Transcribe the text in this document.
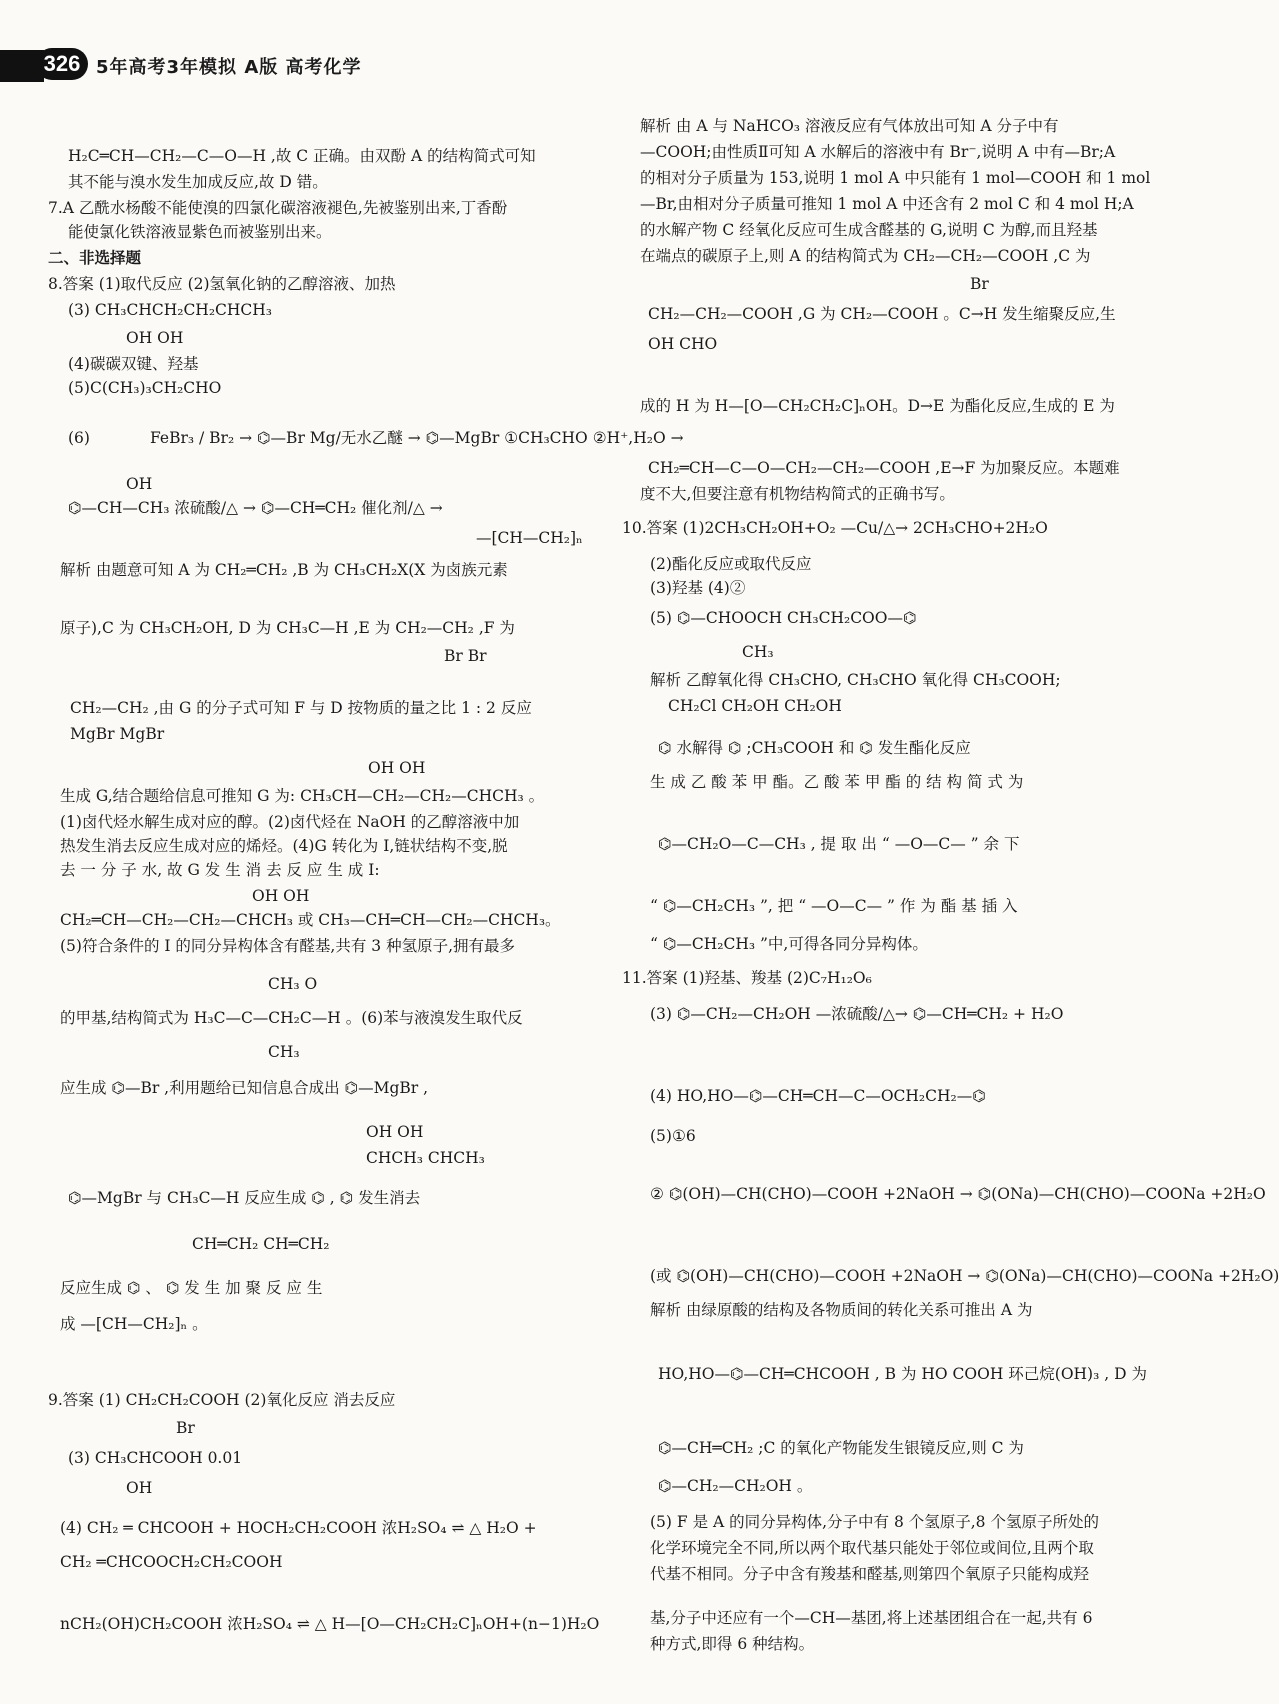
326 5年高考3年模拟 A版 高考化学
H₂C═CH—CH₂—C—O—H ,故 C 正确。由双酚 A 的结构简式可知
其不能与溴水发生加成反应,故 D 错。
7.A 乙酰水杨酸不能使溴的四氯化碳溶液褪色,先被鉴别出来,丁香酚
能使氯化铁溶液显紫色而被鉴别出来。
二、非选择题
8.答案 (1)取代反应 (2)氢氧化钠的乙醇溶液、加热
(3) CH₃CHCH₂CH₂CHCH₃
OH OH
(4)碳碳双键、羟基
(5)C(CH₃)₃CH₂CHO
(6)	FeBr₃ / Br₂ → ⌬—Br Mg/无水乙醚 → ⌬—MgBr ①CH₃CHO ②H⁺,H₂O →
OH
⌬—CH—CH₃ 浓硫酸/△ → ⌬—CH═CH₂ 催化剂/△ →
—[CH—CH₂]ₙ
解析 由题意可知 A 为 CH₂═CH₂ ,B 为 CH₃CH₂X(X 为卤族元素
原子),C 为 CH₃CH₂OH, D 为 CH₃C—H ,E 为 CH₂—CH₂ ,F 为
Br Br
CH₂—CH₂ ,由 G 的分子式可知 F 与 D 按物质的量之比 1 : 2 反应
MgBr MgBr
OH OH
生成 G,结合题给信息可推知 G 为: CH₃CH—CH₂—CH₂—CHCH₃ 。
(1)卤代烃水解生成对应的醇。(2)卤代烃在 NaOH 的乙醇溶液中加
热发生消去反应生成对应的烯烃。(4)G 转化为 I,链状结构不变,脱
去 一 分 子 水, 故 G 发 生 消 去 反 应 生 成 I:
OH OH
CH₂═CH—CH₂—CH₂—CHCH₃ 或 CH₃—CH═CH—CH₂—CHCH₃。
(5)符合条件的 I 的同分异构体含有醛基,共有 3 种氢原子,拥有最多
CH₃ O
的甲基,结构简式为 H₃C—C—CH₂C—H 。(6)苯与液溴发生取代反
CH₃
应生成 ⌬—Br ,利用题给已知信息合成出 ⌬—MgBr ,
OH OH
CHCH₃ CHCH₃
⌬—MgBr 与 CH₃C—H 反应生成 ⌬ , ⌬ 发生消去
CH═CH₂ CH═CH₂
反应生成 ⌬ 、 ⌬ 发 生 加 聚 反 应 生
成 —[CH—CH₂]ₙ 。
9.答案 (1) CH₂CH₂COOH (2)氧化反应 消去反应
Br
(3) CH₃CHCOOH 0.01
OH
(4) CH₂ ═ CHCOOH + HOCH₂CH₂COOH 浓H₂SO₄ ⇌ △ H₂O +
CH₂ ═CHCOOCH₂CH₂COOH
nCH₂(OH)CH₂COOH 浓H₂SO₄ ⇌ △ H—[O—CH₂CH₂C]ₙOH+(n−1)H₂O
解析 由 A 与 NaHCO₃ 溶液反应有气体放出可知 A 分子中有
—COOH;由性质Ⅱ可知 A 水解后的溶液中有 Br⁻,说明 A 中有—Br;A
的相对分子质量为 153,说明 1 mol A 中只能有 1 mol—COOH 和 1 mol
—Br,由相对分子质量可推知 1 mol A 中还含有 2 mol C 和 4 mol H;A
的水解产物 C 经氧化反应可生成含醛基的 G,说明 C 为醇,而且羟基
在端点的碳原子上,则 A 的结构简式为 CH₂—CH₂—COOH ,C 为
Br
CH₂—CH₂—COOH ,G 为 CH₂—COOH 。C→H 发生缩聚反应,生
OH CHO
成的 H 为 H—[O—CH₂CH₂C]ₙOH。D→E 为酯化反应,生成的 E 为
CH₂═CH—C—O—CH₂—CH₂—COOH ,E→F 为加聚反应。本题难
度不大,但要注意有机物结构简式的正确书写。
10.答案 (1)2CH₃CH₂OH+O₂ —Cu/△→ 2CH₃CHO+2H₂O
(2)酯化反应或取代反应
(3)羟基 (4)②
(5) ⌬—CHOOCH CH₃CH₂COO—⌬
CH₃
解析 乙醇氧化得 CH₃CHO, CH₃CHO 氧化得 CH₃COOH;
CH₂Cl CH₂OH CH₂OH
⌬ 水解得 ⌬ ;CH₃COOH 和 ⌬ 发生酯化反应
生 成 乙 酸 苯 甲 酯。乙 酸 苯 甲 酯 的 结 构 简 式 为
⌬—CH₂O—C—CH₃ , 提 取 出 “ —O—C— ” 余 下
“ ⌬—CH₂CH₃ ”, 把 “ —O—C— ” 作 为 酯 基 插 入
“ ⌬—CH₂CH₃ ”中,可得各同分异构体。
11.答案 (1)羟基、羧基 (2)C₇H₁₂O₆
(3) ⌬—CH₂—CH₂OH —浓硫酸/△→ ⌬—CH═CH₂ + H₂O
(4) HO,HO—⌬—CH═CH—C—OCH₂CH₂—⌬
(5)①6
② ⌬(OH)—CH(CHO)—COOH +2NaOH → ⌬(ONa)—CH(CHO)—COONa +2H₂O
(或 ⌬(OH)—CH(CHO)—COOH +2NaOH → ⌬(ONa)—CH(CHO)—COONa +2H₂O)
解析 由绿原酸的结构及各物质间的转化关系可推出 A 为
HO,HO—⌬—CH═CHCOOH , B 为 HO COOH 环己烷(OH)₃ , D 为
⌬—CH═CH₂ ;C 的氧化产物能发生银镜反应,则 C 为
⌬—CH₂—CH₂OH 。
(5) F 是 A 的同分异构体,分子中有 8 个氢原子,8 个氢原子所处的
化学环境完全不同,所以两个取代基只能处于邻位或间位,且两个取
代基不相同。分子中含有羧基和醛基,则第四个氧原子只能构成羟
基,分子中还应有一个—CH—基团,将上述基团组合在一起,共有 6
种方式,即得 6 种结构。
